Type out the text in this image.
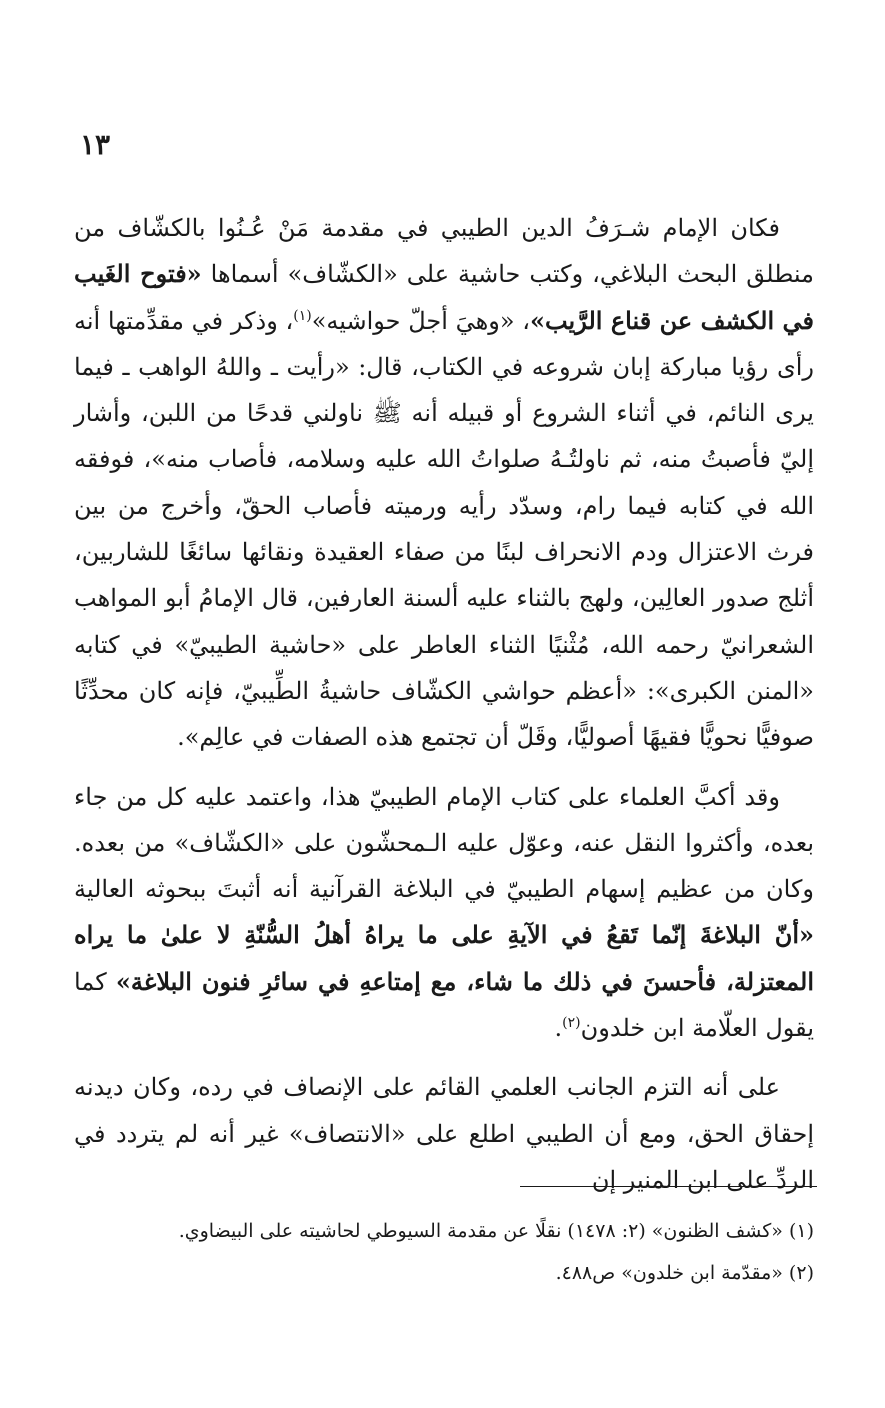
١٣

فكان الإمام شـرَفُ الدين الطيبي في مقدمة مَنْ عُـنُوا بالكشّاف من منطلق البحث البلاغي، وكتب حاشية على «الكشّاف» أسماها «فتوح الغَيب في الكشف عن قناع الرَّيب»، «وهيَ أجلّ حواشيه»$^{(١)}$، وذكر في مقدِّمتها أنه رأى رؤيا مباركة إبان شروعه في الكتاب، قال: «رأيت ـ واللهُ الواهب ـ فيما يرى النائم، في أثناء الشروع أو قبيله أنه ﷺ ناولني قدحًا من اللبن، وأشار إليّ فأصبتُ منه، ثم ناولتُـهُ صلواتُ الله عليه وسلامه، فأصاب منه»، فوفقه الله في كتابه فيما رام، وسدّد رأيه ورميته فأصاب الحقّ، وأخرج من بين فرث الاعتزال ودم الانحراف لبنًا من صفاء العقيدة ونقائها سائغًا للشاربين، أثلج صدور العالِين، ولهج بالثناء عليه ألسنة العارفين، قال الإمامُ أبو المواهب الشعرانيّ رحمه الله، مُثْنيًا الثناء العاطر على «حاشية الطيبيّ» في كتابه «المنن الكبرى»: «أعظم حواشي الكشّاف حاشيةُ الطِّيبيّ، فإنه كان محدِّثًا صوفيًّا نحويًّا فقيهًا أصوليًّا، وقَلّ أن تجتمع هذه الصفات في عالِم».

وقد أكبَّ العلماء على كتاب الإمام الطيبيّ هذا، واعتمد عليه كل من جاء بعده، وأكثروا النقل عنه، وعوّل عليه الـمحشّون على «الكشّاف» من بعده. وكان من عظيم إسهام الطيبيّ في البلاغة القرآنية أنه أثبتَ ببحوثه العالية «أنّ البلاغةَ إنّما تَقعُ في الآيةِ على ما يراهُ أهلُ السُّنّةِ لا علىٰ ما يراه المعتزلة، فأحسنَ في ذلك ما شاء، مع إمتاعهِ في سائرِ فنون البلاغة» كما يقول العلّامة ابن خلدون$^{(٢)}$.

على أنه التزم الجانب العلمي القائم على الإنصاف في رده، وكان ديدنه إحقاق الحق، ومع أن الطيبي اطلع على «الانتصاف» غير أنه لم يتردد في الردِّ على ابن المنير إن

(١) «كشف الظنون» (٢: ١٤٧٨) نقلًا عن مقدمة السيوطي لحاشيته على البيضاوي.

(٢) «مقدّمة ابن خلدون» ص٤٨٨.
